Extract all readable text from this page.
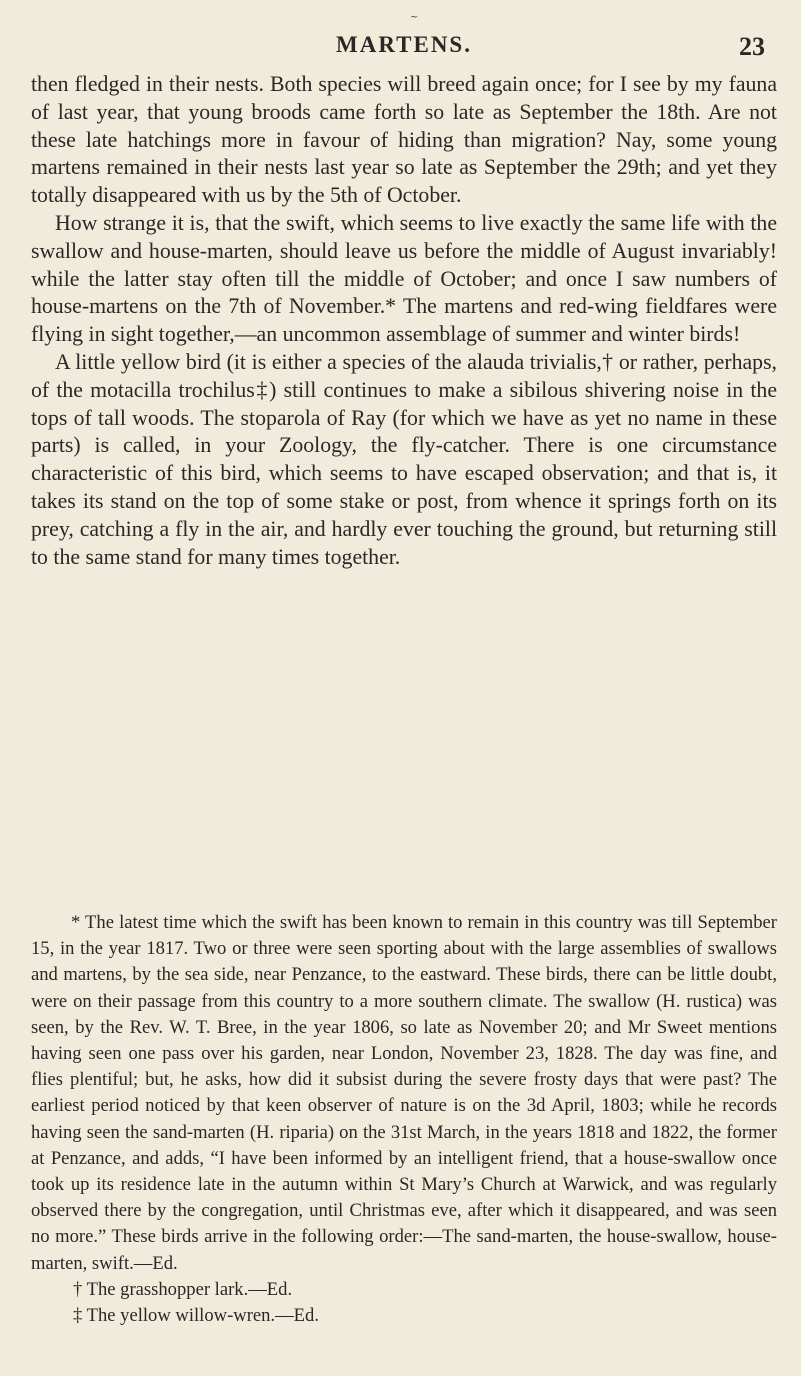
MARTENS.	23
~

then fledged in their nests. Both species will breed again once; for I see by my fauna of last year, that young broods came forth so late as September the 18th. Are not these late hatchings more in favour of hiding than migration? Nay, some young martens remained in their nests last year so late as September the 29th; and yet they totally disappeared with us by the 5th of October.

How strange it is, that the swift, which seems to live exactly the same life with the swallow and house-marten, should leave us before the middle of August invariably! while the latter stay often till the middle of October; and once I saw numbers of house-martens on the 7th of November.* The martens and red-wing fieldfares were flying in sight together,—an uncommon assemblage of summer and winter birds!

A little yellow bird (it is either a species of the alauda trivialis,† or rather, perhaps, of the motacilla trochilus‡) still continues to make a sibilous shivering noise in the tops of tall woods. The stoparola of Ray (for which we have as yet no name in these parts) is called, in your Zoology, the fly-catcher. There is one circumstance characteristic of this bird, which seems to have escaped observation; and that is, it takes its stand on the top of some stake or post, from whence it springs forth on its prey, catching a fly in the air, and hardly ever touching the ground, but returning still to the same stand for many times together.

* The latest time which the swift has been known to remain in this country was till September 15, in the year 1817. Two or three were seen sporting about with the large assemblies of swallows and martens, by the sea side, near Penzance, to the eastward. These birds, there can be little doubt, were on their passage from this country to a more southern climate. The swallow (H. rustica) was seen, by the Rev. W. T. Bree, in the year 1806, so late as November 20; and Mr Sweet mentions having seen one pass over his garden, near London, November 23, 1828. The day was fine, and flies plentiful; but, he asks, how did it subsist during the severe frosty days that were past? The earliest period noticed by that keen observer of nature is on the 3d April, 1803; while he records having seen the sand-marten (H. riparia) on the 31st March, in the years 1818 and 1822, the former at Penzance, and adds, “I have been informed by an intelligent friend, that a house-swallow once took up its residence late in the autumn within St Mary’s Church at Warwick, and was regularly observed there by the congregation, until Christmas eve, after which it disappeared, and was seen no more.” These birds arrive in the following order:—The sand-marten, the house-swallow, house-marten, swift.—Ed.

† The grasshopper lark.—Ed.

‡ The yellow willow-wren.—Ed.
